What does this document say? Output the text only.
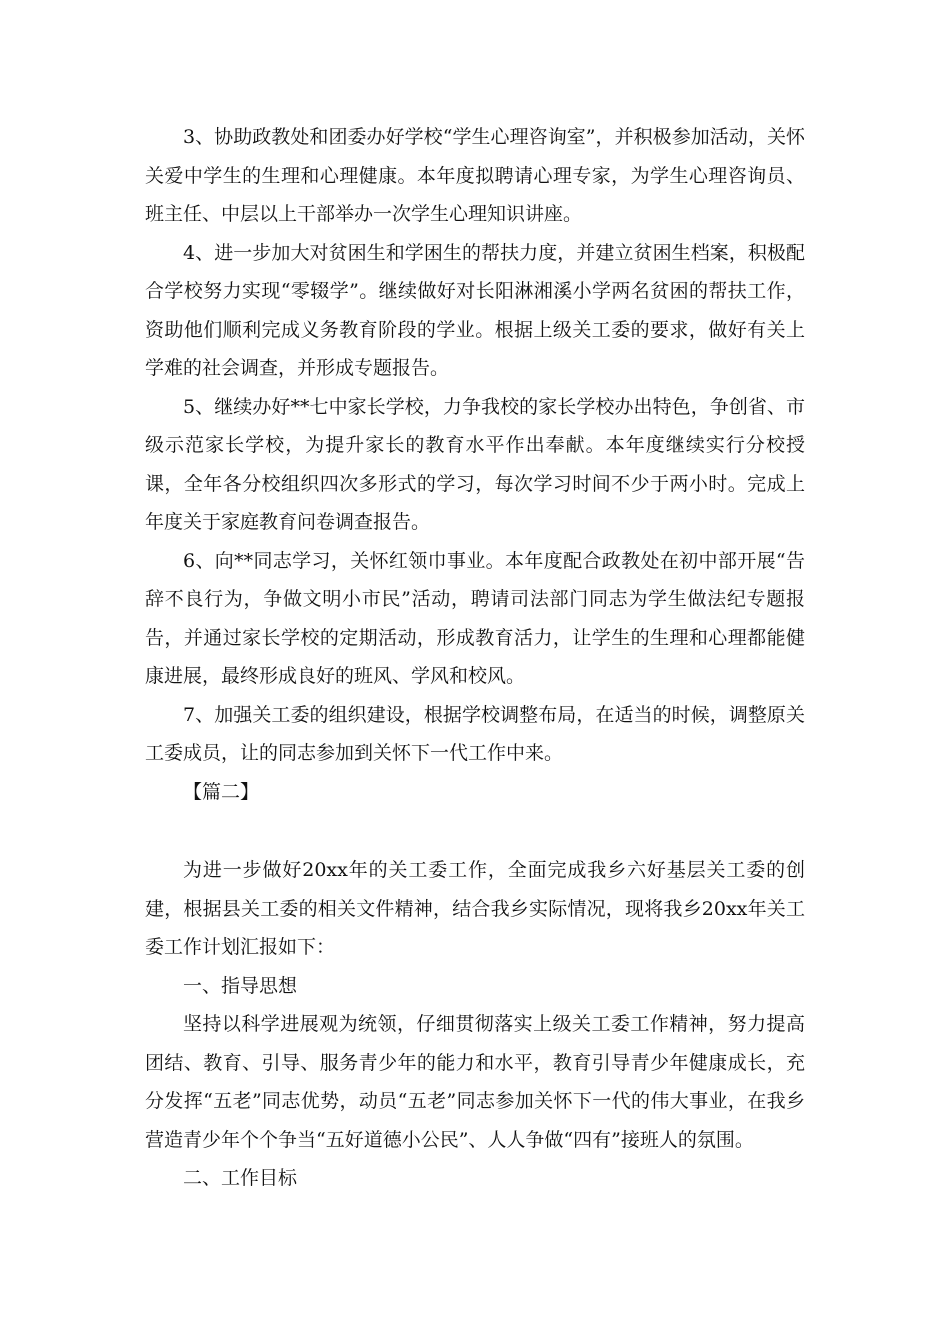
3、协助政教处和团委办好学校“学生心理咨询室”，并积极参加活动，关怀关爱中学生的生理和心理健康。本年度拟聘请心理专家，为学生心理咨询员、班主任、中层以上干部举办一次学生心理知识讲座。

4、进一步加大对贫困生和学困生的帮扶力度，并建立贫困生档案，积极配合学校努力实现“零辍学”。继续做好对长阳淋湘溪小学两名贫困的帮扶工作，资助他们顺利完成义务教育阶段的学业。根据上级关工委的要求，做好有关上学难的社会调查，并形成专题报告。

5、继续办好**七中家长学校，力争我校的家长学校办出特色，争创省、市级示范家长学校，为提升家长的教育水平作出奉献。本年度继续实行分校授课，全年各分校组织四次多形式的学习，每次学习时间不少于两小时。完成上年度关于家庭教育问卷调查报告。

6、向**同志学习，关怀红领巾事业。本年度配合政教处在初中部开展“告辞不良行为，争做文明小市民”活动，聘请司法部门同志为学生做法纪专题报告，并通过家长学校的定期活动，形成教育活力，让学生的生理和心理都能健康进展，最终形成良好的班风、学风和校风。

7、加强关工委的组织建设，根据学校调整布局，在适当的时候，调整原关工委成员，让的同志参加到关怀下一代工作中来。

【篇二】

为进一步做好20xx年的关工委工作，全面完成我乡六好基层关工委的创建，根据县关工委的相关文件精神，结合我乡实际情况，现将我乡20xx年关工委工作计划汇报如下：

一、指导思想

坚持以科学进展观为统领，仔细贯彻落实上级关工委工作精神，努力提高团结、教育、引导、服务青少年的能力和水平，教育引导青少年健康成长，充分发挥“五老”同志优势，动员“五老”同志参加关怀下一代的伟大事业，在我乡营造青少年个个争当“五好道德小公民”、人人争做“四有”接班人的氛围。

二、工作目标
